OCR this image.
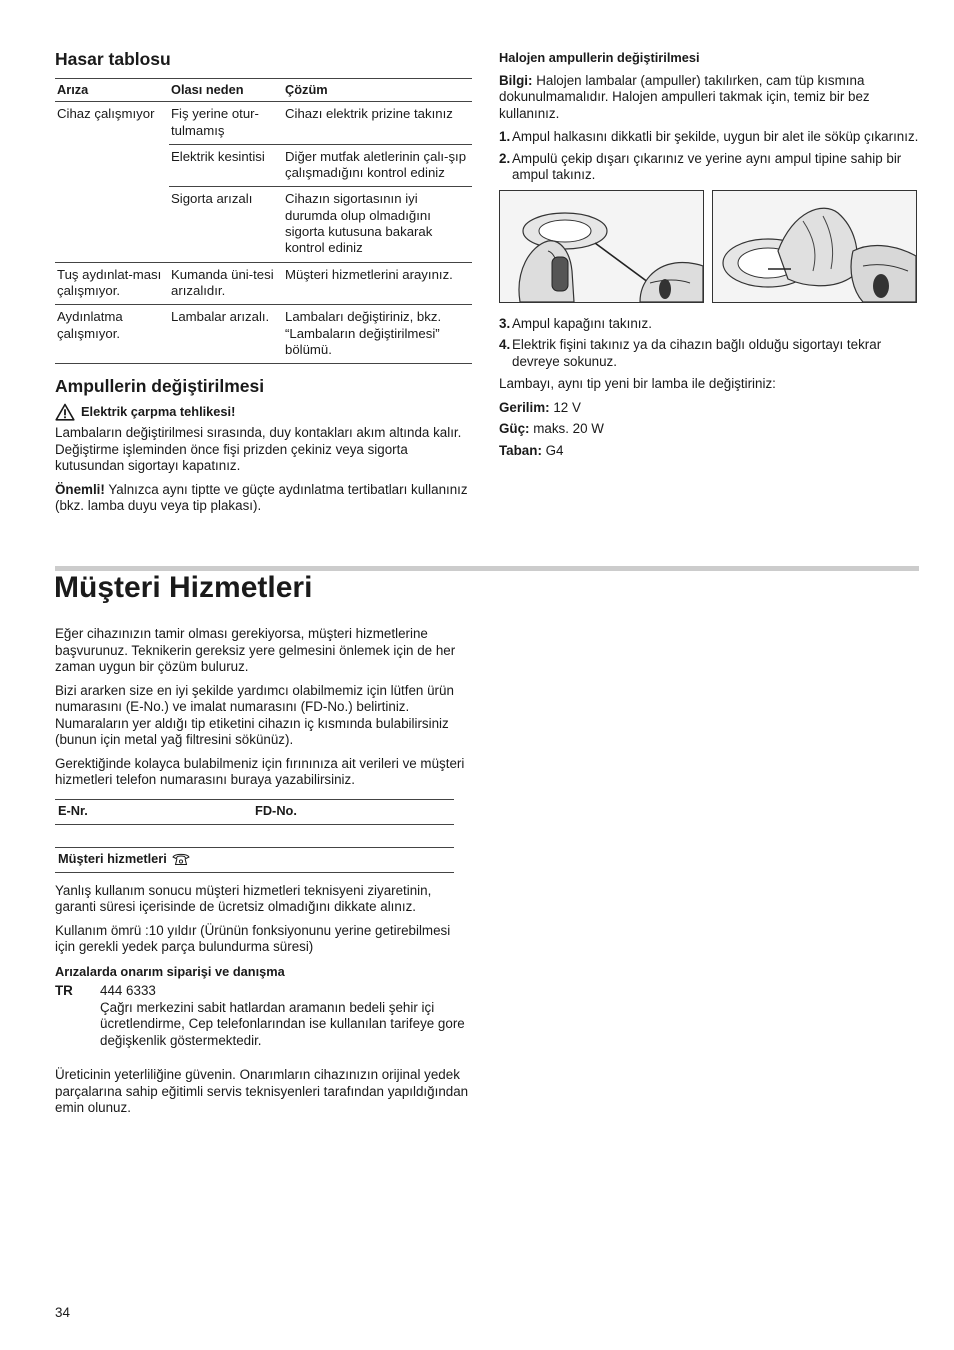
Hasar tablosu
Arıza	Olası neden	Çözüm
Cihaz çalışmıyor	Fiş yerine otur-tulmamış	Cihazı elektrik prizine takınız
	Elektrik kesintisi	Diğer mutfak aletlerinin çalı-şıp çalışmadığını kontrol ediniz
	Sigorta arızalı	Cihazın sigortasının iyi durumda olup olmadığını sigorta kutusuna bakarak kontrol ediniz
Tuş aydınlat-ması çalışmıyor.	Kumanda üni-tesi arızalıdır.	Müşteri hizmetlerini arayınız.
Aydınlatma çalışmıyor.	Lambalar arızalı.	Lambaları değiştiriniz, bkz. “Lambaların değiştirilmesi” bölümü.
Ampullerin değiştirilmesi
Elektrik çarpma tehlikesi!

Lambaların değiştirilmesi sırasında, duy kontakları akım altında kalır. Değiştirme işleminden önce fişi prizden çekiniz veya sigorta kutusundan sigortayı kapatınız.

Önemli! Yalnızca aynı tiptte ve güçte aydınlatma tertibatları kullanınız (bkz. lamba duyu veya tip plakası).

Halojen ampullerin değiştirilmesi

Bilgi: Halojen lambalar (ampuller) takılırken, cam tüp kısmına dokunulmamalıdır. Halojen ampulleri takmak için, temiz bir bez kullanınız.

1. Ampul halkasını dikkatli bir şekilde, uygun bir alet ile söküp çıkarınız.
2. Ampulü çekip dışarı çıkarınız ve yerine aynı ampul tipine sahip bir ampul takınız.
3. Ampul kapağını takınız.
4. Elektrik fişini takınız ya da cihazın bağlı olduğu sigortayı tekrar devreye sokunuz.

Lambayı, aynı tip yeni bir lamba ile değiştiriniz:

Gerilim: 12 V
Güç: maks. 20 W
Taban: G4
Müşteri Hizmetleri

Eğer cihazınızın tamir olması gerekiyorsa, müşteri hizmetlerine başvurunuz. Teknikerin gereksiz yere gelmesini önlemek için de her zaman uygun bir çözüm buluruz.

Bizi ararken size en iyi şekilde yardımcı olabilmemiz için lütfen ürün numarasını (E-No.) ve imalat numarasını (FD-No.) belirtiniz. Numaraların yer aldığı tip etiketini cihazın iç kısmında bulabilirsiniz (bunun için metal yağ filtresini sökünüz).

Gerektiğinde kolayca bulabilmeniz için fırınınıza ait verileri ve müşteri hizmetleri telefon numarasını buraya yazabilirsiniz.

E-Nr.	FD-No.
Müşteri hizmetleri

Yanlış kullanım sonucu müşteri hizmetleri teknisyeni ziyaretinin, garanti süresi içerisinde de ücretsiz olmadığını dikkate alınız.

Kullanım ömrü :10 yıldır (Ürünün fonksiyonunu yerine getirebilmesi için gerekli yedek parça bulundurma süresi)

Arızalarda onarım siparişi ve danışma
TR	444 6333
Çağrı merkezini sabit hatlardan aramanın bedeli şehir içi ücretlendirme, Cep telefonlarından ise kullanılan tarifeye gore değişkenlik göstermektedir.

Üreticinin yeterliliğine güvenin. Onarımların cihazınızın orijinal yedek parçalarına sahip eğitimli servis teknisyenleri tarafından yapıldığından emin olunuz.

34
